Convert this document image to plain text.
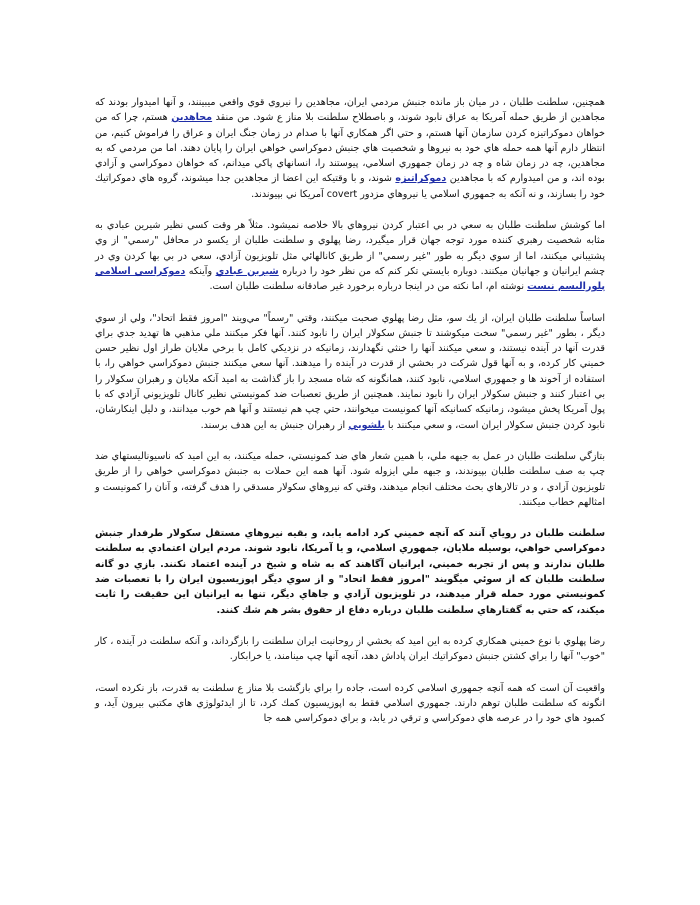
همچنین، سلطنت طلبان ، در میان باز مانده جنبش مردمي ايران، مجاهدين را نيروي قوي واقعي ميبينند، و آنها اميدوار بودند كه مجاهدين از طريق حمله آمريكا به عراق نابود شوند، و باصطلاح سلطنت بلا مناز ع شود. من منقد مجاهدين هستم، چرا كه من خواهان دموكراتيزه كردن سازمان آنها هستم، و حتي اگر همكاري آنها با صدام در زمان جنگ ايران و عراق را فراموش كنيم، من انتظار دارم آنها همه حمله هاي خود به نيروها و شخصيت هاي جنبش دموكراسي خواهي ايران را پايان دهند. اما من مردمي كه به مجاهدين، چه در زمان شاه و چه در زمان جمهوري اسلامي، پيوستند را، انسانهاي پاكي ميدانم، كه خواهان دموكراسي و آزادي بوده اند، و من اميدوارم كه با مجاهدين دموكراتيزه شوند، و با وقتيكه اين اعضا از مجاهدين جدا ميشوند، گروه هاي دموكراتيك خود را بسازند، و نه آنكه به جمهوري اسلامي يا نيروهاي مزدور covert آمريكا ني بپيوندند.

اما كوشش سلطنت طلبان به سعي در بي اعتبار كردن نيروهاي بالا خلاصه نميشود. مثلاً هر وقت كسي نظير شيرين عبادي به مثابه شخصيت رهبري كننده مورد توجه جهان قرار ميگيرد، رضا پهلوي و سلطنت طلبان از يكسو در محافل "رسمي" از وي پشتيباني ميكنند، اما از سوي ديگر به طور "غير رسمي" از طريق كانالهائي مثل تلويزيون آزادي، سعي در بي بها كردن وي در چشم ايرانيان و جهانيان ميكنند. دوباره بايستي تكر كنم كه من نظر خود را درباره شيرين عبادي وآينكه دموكراسي اسلامي پلوراليسم نيست نوشته ام، اما نكته من در اينجا درباره برخورد غير صادقانه سلطنت طلبان است.

اساساً سلطنت طلبان ايران، از يك سو، مثل رضا پهلوي صحبت ميكنند، وقتي "رسماً" مي‌ويند "امروز فقط اتحاد"، ولي از سوي ديگر ، بطور "غير رسمي" سخت ميكوشند تا جنبش سكولار ايران را نابود كنند. آنها فكر ميكنند ملي مذهبي ها تهديد جدي براي قدرت آنها در آينده نيستند، و سعي ميكنند آنها را خنثي نگهدارند، زمانيكه در نزديكي كامل با برخي ملايان طراز اول نظير حسن خميني كار كرده، و به آنها قول شركت در بخشي از قدرت در آينده را ميدهند. آنها سعي ميكنند جنبش دموكراسي خواهي را، با استفاده از آخوند ها و جمهوري اسلامي، نابود كنند، همانگونه كه شاه مسجد را باز گذاشت به اميد آنكه ملايان و رهبران سكولار را بي اعتبار كنند و جنبش سكولار ايران را نابود نمايند. همچنين از طريق تعصبات ضد كمونيستي نظير كانال تلويزيوني آزادي كه با پول آمريكا پخش ميشود، زمانيكه كسانيكه آنها كمونيست ميخوانند، حتي چپ هم نيستند و آنها هم خوب ميدانند، و دليل اينكارشان، نابود كردن جنبش سكولار ايران است، و سعي ميكنند با بلشويي از رهبران جنبش به اين هدف برسند.

بتازگي سلطنت طلبان در عمل به جبهه ملي، با همين شعار هاي ضد كمونيستي، حمله ميكنند، به اين اميد كه ناسيوناليستهاي ضد چپ به صف سلطنت طلبان بپيوندند، و جبهه ملي ايزوله شود. آنها همه اين حملات به جنبش دموكراسي خواهي را از طريق تلويزيون آزادي ، و در تالارهاي بحث مختلف انجام ميدهند، وقتي كه نيروهاي سكولار مسدقي را هدف گرفته، و آنان را كمونيست و امثالهم خطاب ميكنند.

سلطنت طلبان در روياي آنند كه آنچه خميني كرد ادامه يابد، و بقيه نيروهاي مستقل سكولار طرفدار جنبش دموكراسي خواهي، بوسيله ملايان، جمهوري اسلامي، و يا آمريكا، نابود شوند. مردم ايران اعتمادي به سلطنت طلبان ندارند و پس از تجربه خميني، ايرانيان آگاهند كه به شاه و شيخ در آينده اعتماد نكنند. بازي دو گانه سلطنت طلبان كه از سوئي ميگويند "امروز فقط اتحاد" و از سوي ديگر اپوزيسيون ايران را با تعصبات ضد كمونيستي مورد حمله قرار ميدهند، در تلويزيون آزادي و جاهاي ديگر، تنها به ايرانيان اين حقيقت را ثابت ميكند، كه حتي به گفتارهاي سلطنت طلبان درباره دفاع از حقوق بشر هم شك كنند.

رضا پهلوي با نوع خميني همكاري كرده به اين اميد كه بخشي از روحانيت ايران سلطنت را بازگرداند، و آنكه سلطنت در آينده ، كار "خوب" آنها را براي كشتن جنبش دموكراتيك ايران پاداش دهد، آنچه آنها چپ مينامند، يا خرابكار.

واقعيت آن است كه همه آنچه جمهوري اسلامي كرده است، جاده را براي بازگشت بلا مناز ع سلطنت به قدرت، باز نكرده است، انگونه كه سلطنت طلبان توهم دارند. جمهوري اسلامي فقط به اپوزيسيون كمك كرد، تا از ايدئولوژي هاي مكتبي بيرون آيد، و كمبود هاي خود را در عرصه هاي دموكراسي و ترقي در يابد، و براي دموكراسي همه جا
